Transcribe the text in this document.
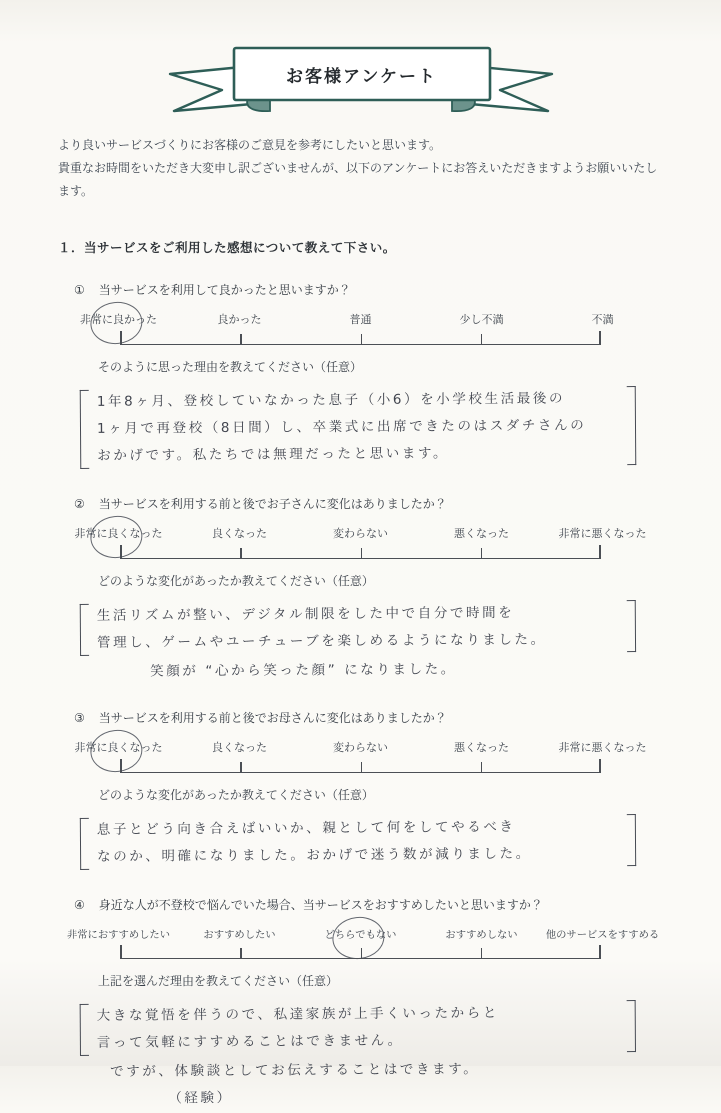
お客様アンケート
より良いサービスづくりにお客様のご意見を参考にしたいと思います。
貴重なお時間をいただき大変申し訳ございませんが、以下のアンケートにお答えいただきますようお願いいたします。
１．当サービスをご利用した感想について教えて下さい。
① 当サービスを利用して良かったと思いますか？
非常に良かった	良かった	普通	少し不満	不満
そのように思った理由を教えてください（任意）
1年8ヶ月、登校していなかった息子（小6）を小学校生活最後の
1ヶ月で再登校（8日間）し、卒業式に出席できたのはスダチさんの
おかげです。私たちでは無理だったと思います。
② 当サービスを利用する前と後でお子さんに変化はありましたか？
非常に良くなった	良くなった	変わらない	悪くなった	非常に悪くなった
どのような変化があったか教えてください（任意）
生活リズムが整い、デジタル制限をした中で自分で時間を
管理し、ゲームやユーチューブを楽しめるようになりました。
笑顔が “心から笑った顔” になりました。
③ 当サービスを利用する前と後でお母さんに変化はありましたか？
非常に良くなった	良くなった	変わらない	悪くなった	非常に悪くなった
どのような変化があったか教えてください（任意）
息子とどう向き合えばいいか、親として何をしてやるべき
なのか、明確になりました。おかげで迷う数が減りました。
④ 身近な人が不登校で悩んでいた場合、当サービスをおすすめしたいと思いますか？
非常におすすめしたい	おすすめしたい	どちらでもない	おすすめしない	他のサービスをすすめる
上記を選んだ理由を教えてください（任意）
大きな覚悟を伴うので、私達家族が上手くいったからと
言って気軽にすすめることはできません。
ですが、体験談としてお伝えすることはできます。
（経験）
